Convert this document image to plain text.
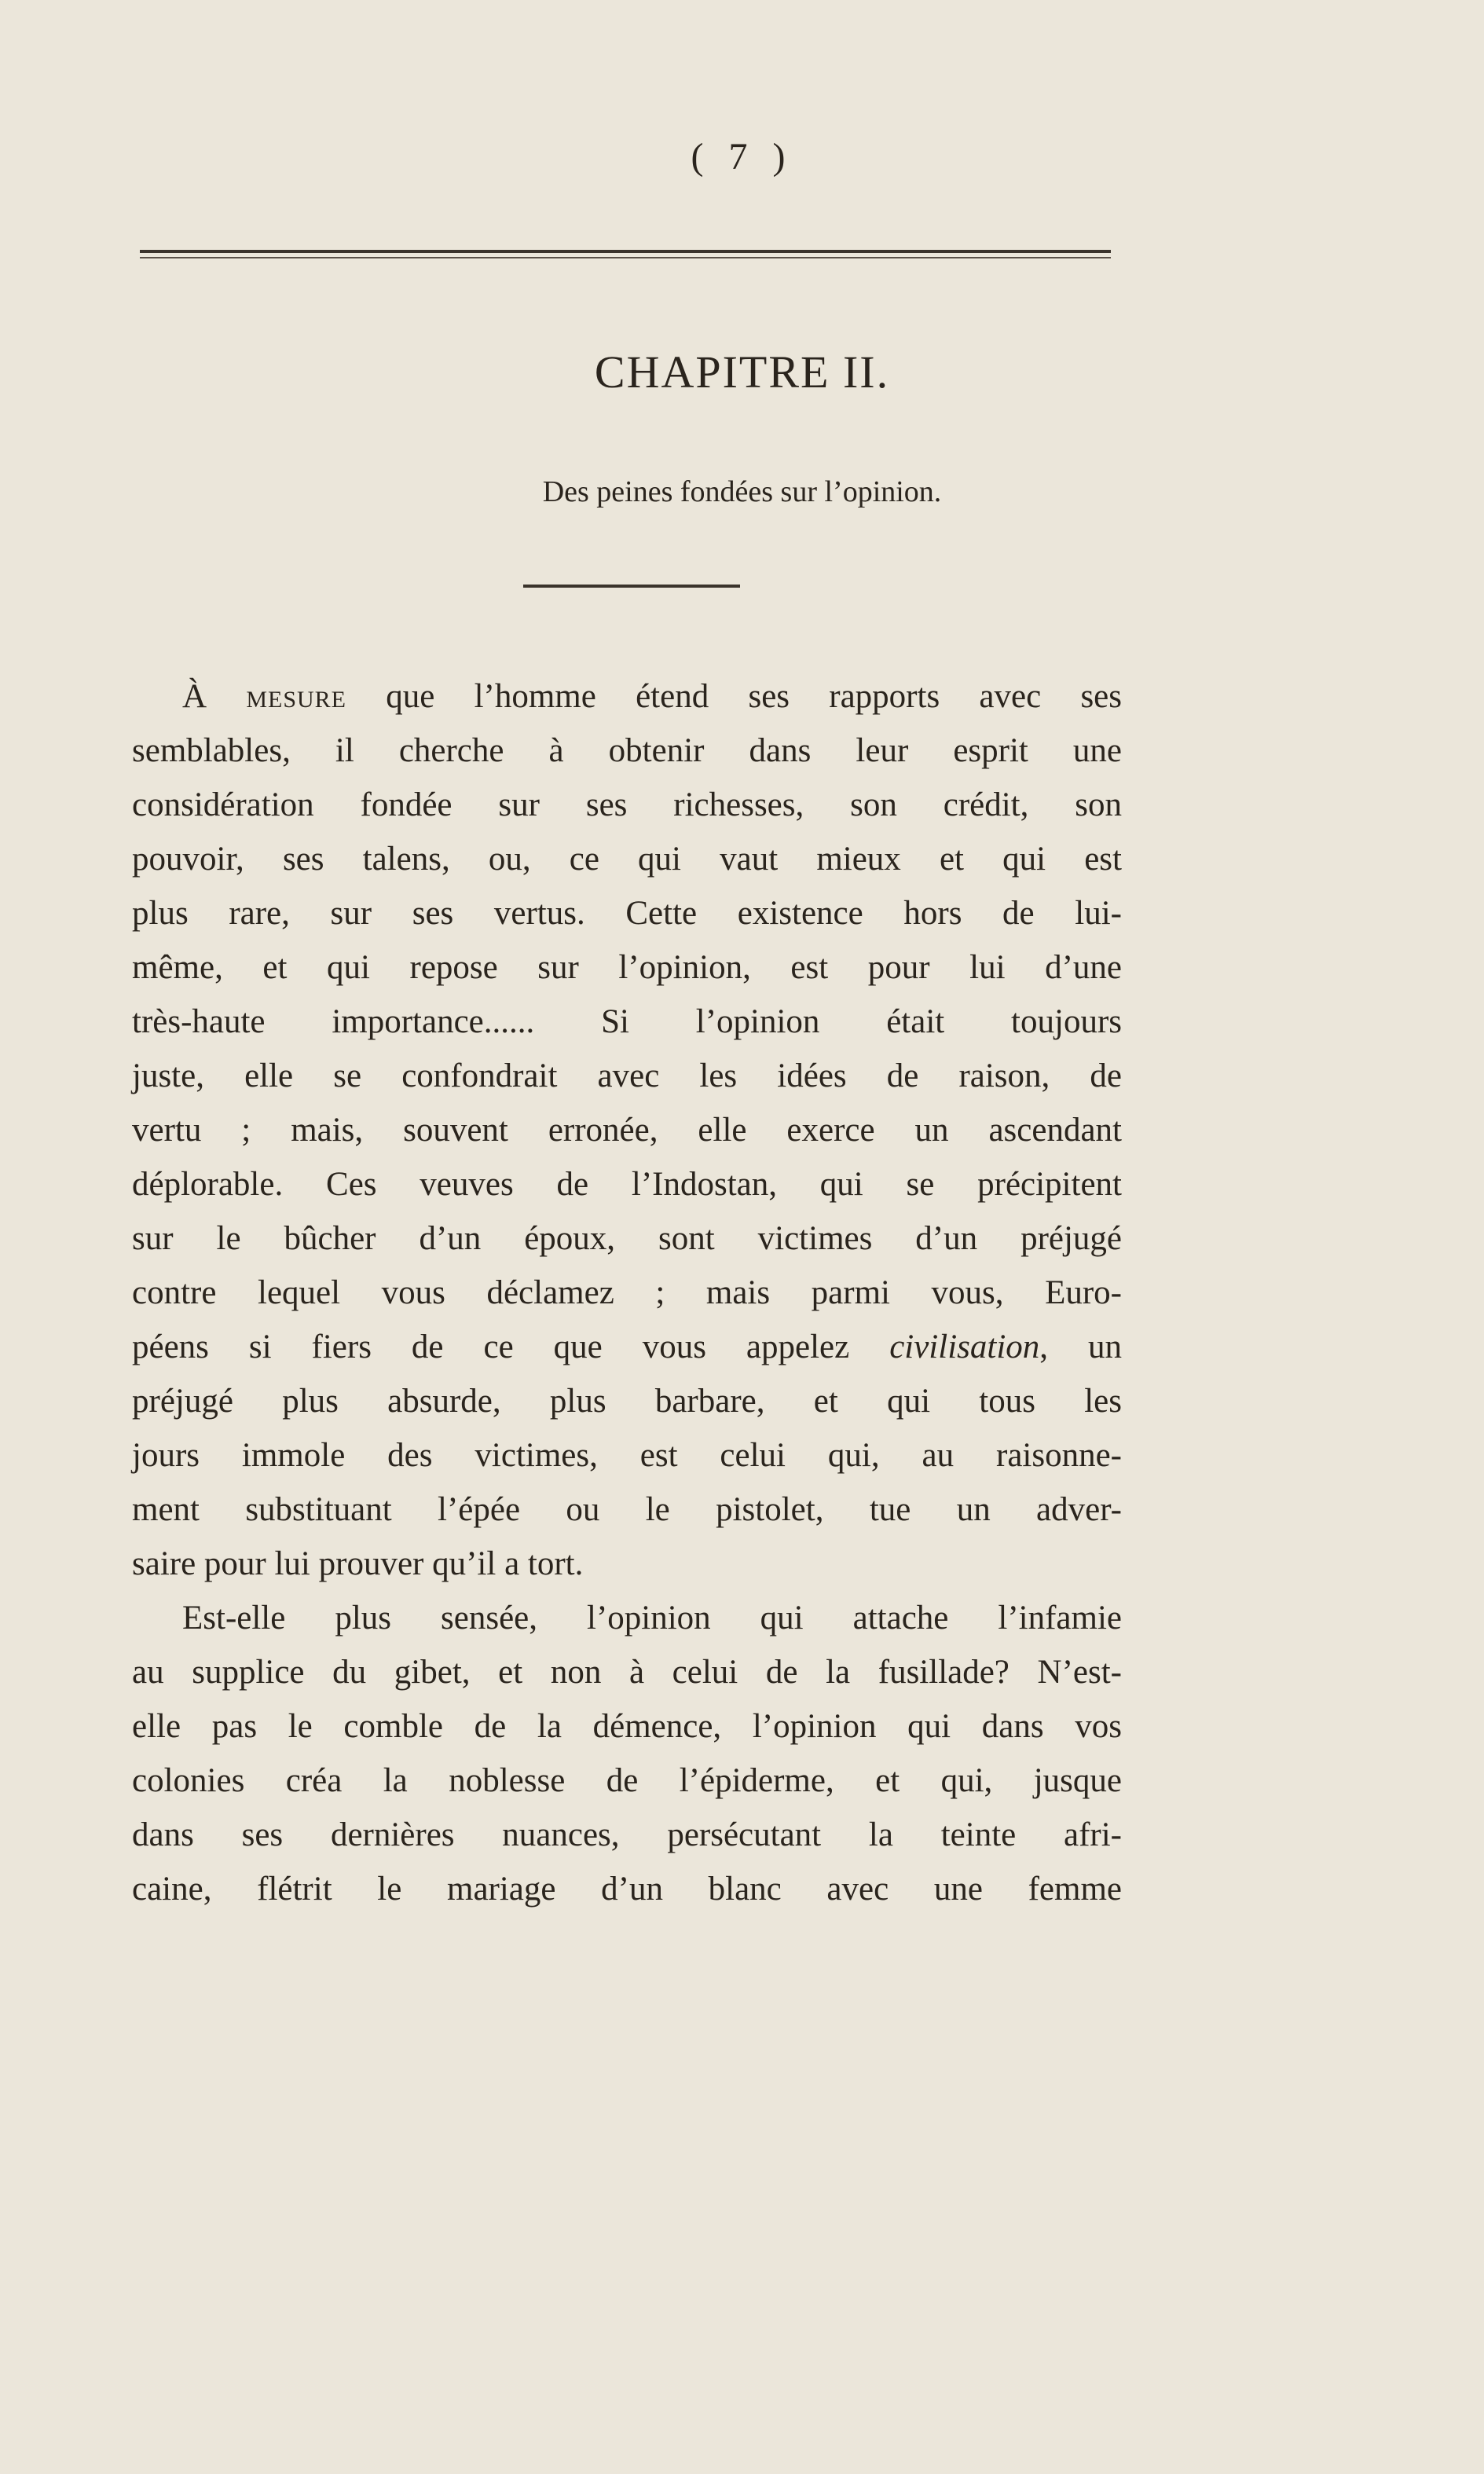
( 7 )
CHAPITRE II.
Des peines fondées sur l’opinion.
À mesure que l’homme étend ses rapports avec ses
semblables, il cherche à obtenir dans leur esprit une
considération fondée sur ses richesses, son crédit, son
pouvoir, ses talens, ou, ce qui vaut mieux et qui est
plus rare, sur ses vertus. Cette existence hors de lui-
même, et qui repose sur l’opinion, est pour lui d’une
très-haute importance...... Si l’opinion était toujours
juste, elle se confondrait avec les idées de raison, de
vertu ; mais, souvent erronée, elle exerce un ascendant
déplorable. Ces veuves de l’Indostan, qui se précipitent
sur le bûcher d’un époux, sont victimes d’un préjugé
contre lequel vous déclamez ; mais parmi vous, Euro-
péens si fiers de ce que vous appelez civilisation, un
préjugé plus absurde, plus barbare, et qui tous les
jours immole des victimes, est celui qui, au raisonne-
ment substituant l’épée ou le pistolet, tue un adver-
saire pour lui prouver qu’il a tort.
Est-elle plus sensée, l’opinion qui attache l’infamie
au supplice du gibet, et non à celui de la fusillade? N’est-
elle pas le comble de la démence, l’opinion qui dans vos
colonies créa la noblesse de l’épiderme, et qui, jusque
dans ses dernières nuances, persécutant la teinte afri-
caine, flétrit le mariage d’un blanc avec une femme
